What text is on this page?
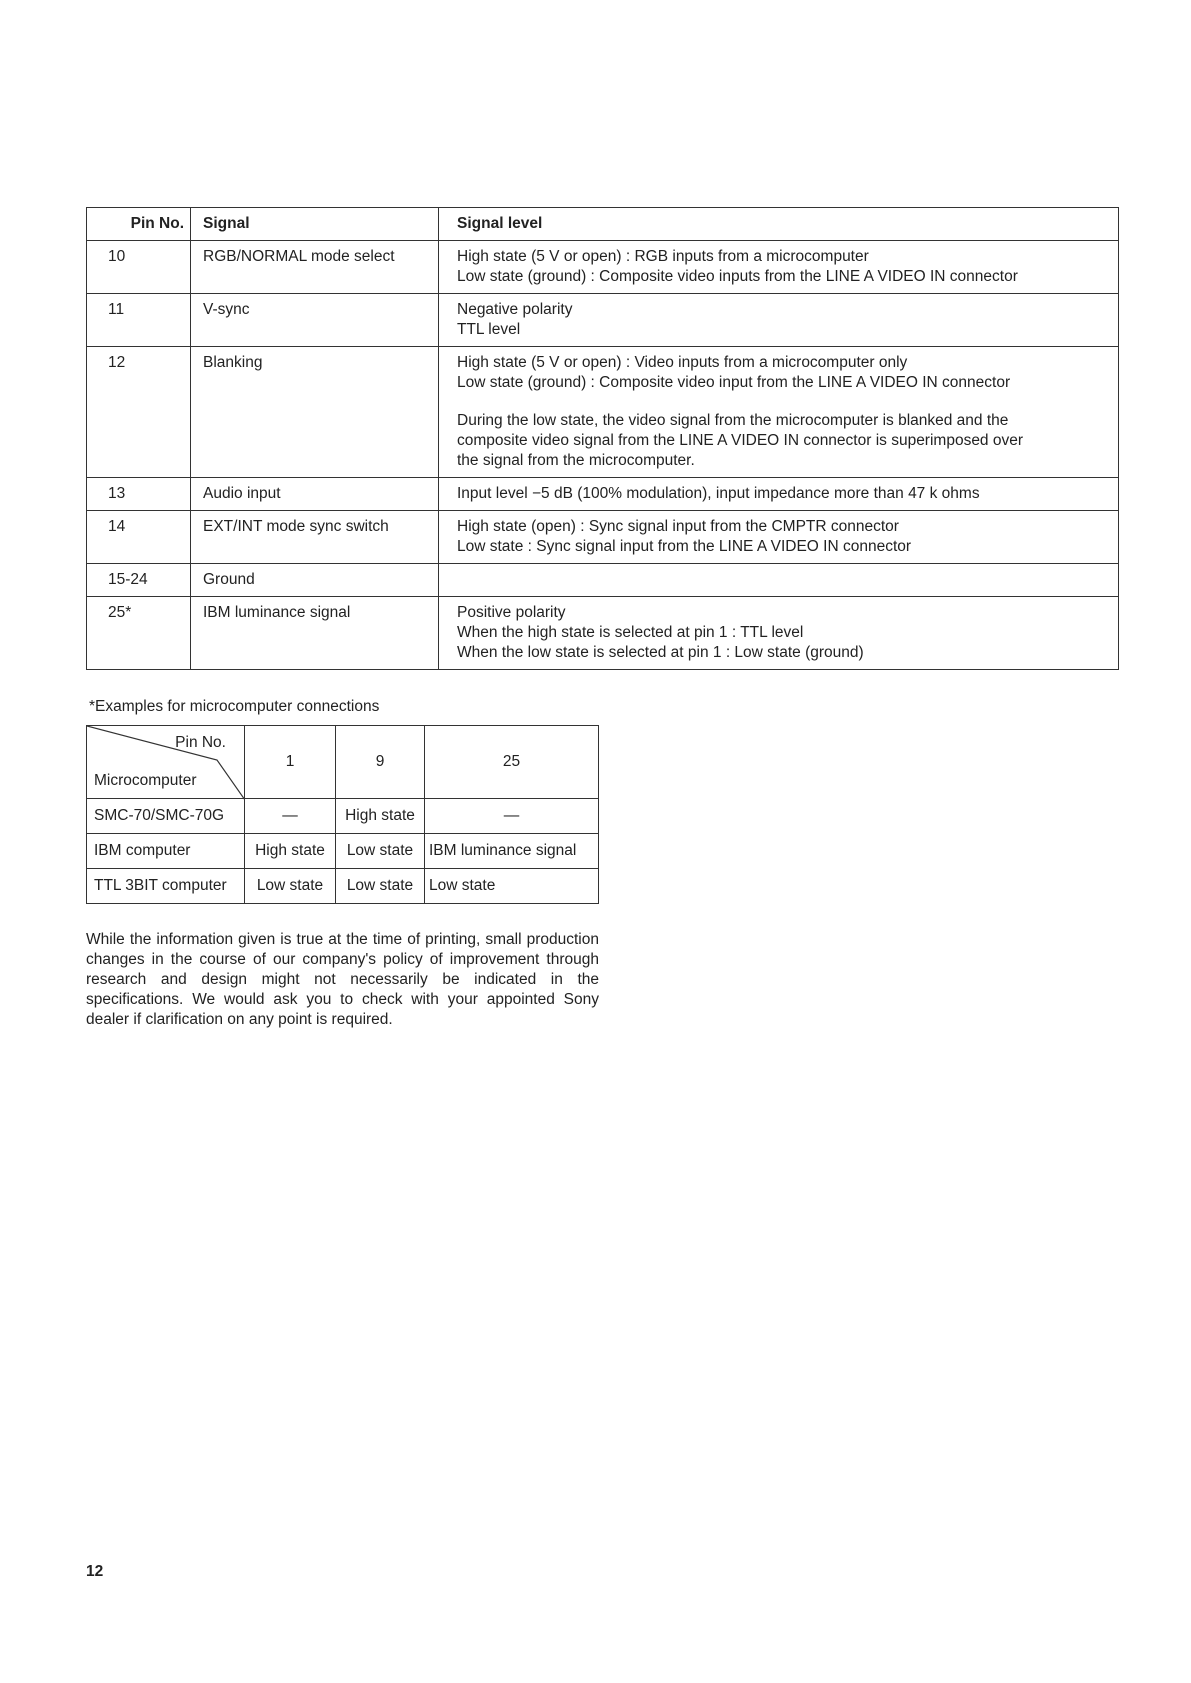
Pin No.	Signal	Signal level
10	RGB/NORMAL mode select	High state (5 V or open) : RGB inputs from a microcomputer
Low state (ground) : Composite video inputs from the LINE A VIDEO IN connector

11	V-sync	Negative polarity
TTL level

12	Blanking	High state (5 V or open) : Video inputs from a microcomputer only
Low state (ground) : Composite video input from the LINE A VIDEO IN connector
During the low state, the video signal from the microcomputer is blanked and the
composite video signal from the LINE A VIDEO IN connector is superimposed over
the signal from the microcomputer.

13	Audio input	Input level −5 dB (100% modulation), input impedance more than 47 k ohms

14	EXT/INT mode sync switch	High state (open) : Sync signal input from the CMPTR connector
Low state : Sync signal input from the LINE A VIDEO IN connector

15-24	Ground	
25*	IBM luminance signal	Positive polarity
When the high state is selected at pin 1 : TTL level
When the low state is selected at pin 1 : Low state (ground)
*Examples for microcomputer connections
Pin No.
Microcomputer	1	9	25
SMC-70/SMC-70G	—	High state	—
IBM computer	High state	Low state	IBM luminance signal
TTL 3BIT computer	Low state	Low state	Low state

While the information given is true at the time of printing, small production changes in the course of our company's policy of improvement through research and design might not necessarily be indicated in the specifications. We would ask you to check with your appointed Sony dealer if clarification on any point is required.

12
